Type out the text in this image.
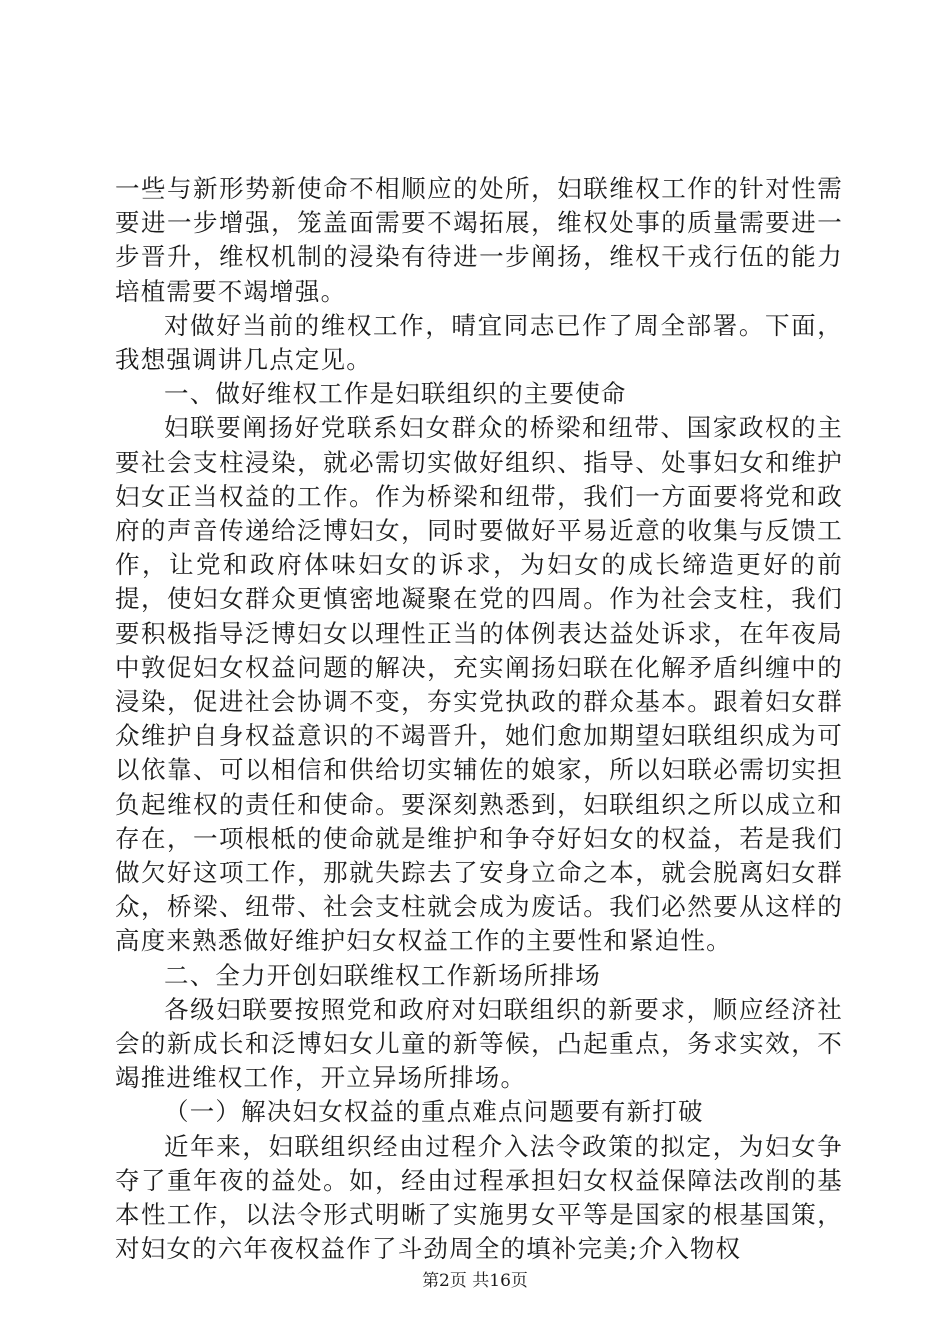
一些与新形势新使命不相顺应的处所，妇联维权工作的针对性需要进一步增强，笼盖面需要不竭拓展，维权处事的质量需要进一步晋升，维权机制的浸染有待进一步阐扬，维权干戎行伍的能力培植需要不竭增强。

对做好当前的维权工作，晴宜同志已作了周全部署。下面，我想强调讲几点定见。

一、做好维权工作是妇联组织的主要使命

妇联要阐扬好党联系妇女群众的桥梁和纽带、国家政权的主要社会支柱浸染，就必需切实做好组织、指导、处事妇女和维护妇女正当权益的工作。作为桥梁和纽带，我们一方面要将党和政府的声音传递给泛博妇女，同时要做好平易近意的收集与反馈工作，让党和政府体味妇女的诉求，为妇女的成长缔造更好的前提，使妇女群众更慎密地凝聚在党的四周。作为社会支柱，我们要积极指导泛博妇女以理性正当的体例表达益处诉求，在年夜局中敦促妇女权益问题的解决，充实阐扬妇联在化解矛盾纠缠中的浸染，促进社会协调不变，夯实党执政的群众基本。跟着妇女群众维护自身权益意识的不竭晋升，她们愈加期望妇联组织成为可以依靠、可以相信和供给切实辅佐的娘家，所以妇联必需切实担负起维权的责任和使命。要深刻熟悉到，妇联组织之所以成立和存在，一项根柢的使命就是维护和争夺好妇女的权益，若是我们做欠好这项工作，那就失踪去了安身立命之本，就会脱离妇女群众，桥梁、纽带、社会支柱就会成为废话。我们必然要从这样的高度来熟悉做好维护妇女权益工作的主要性和紧迫性。

二、全力开创妇联维权工作新场所排场

各级妇联要按照党和政府对妇联组织的新要求，顺应经济社会的新成长和泛博妇女儿童的新等候，凸起重点，务求实效，不竭推进维权工作，开立异场所排场。

（一）解决妇女权益的重点难点问题要有新打破

近年来，妇联组织经由过程介入法令政策的拟定，为妇女争夺了重年夜的益处。如，经由过程承担妇女权益保障法改削的基本性工作，以法令形式明晰了实施男女平等是国家的根基国策，对妇女的六年夜权益作了斗劲周全的填补完美;介入物权

第2页 共16页
